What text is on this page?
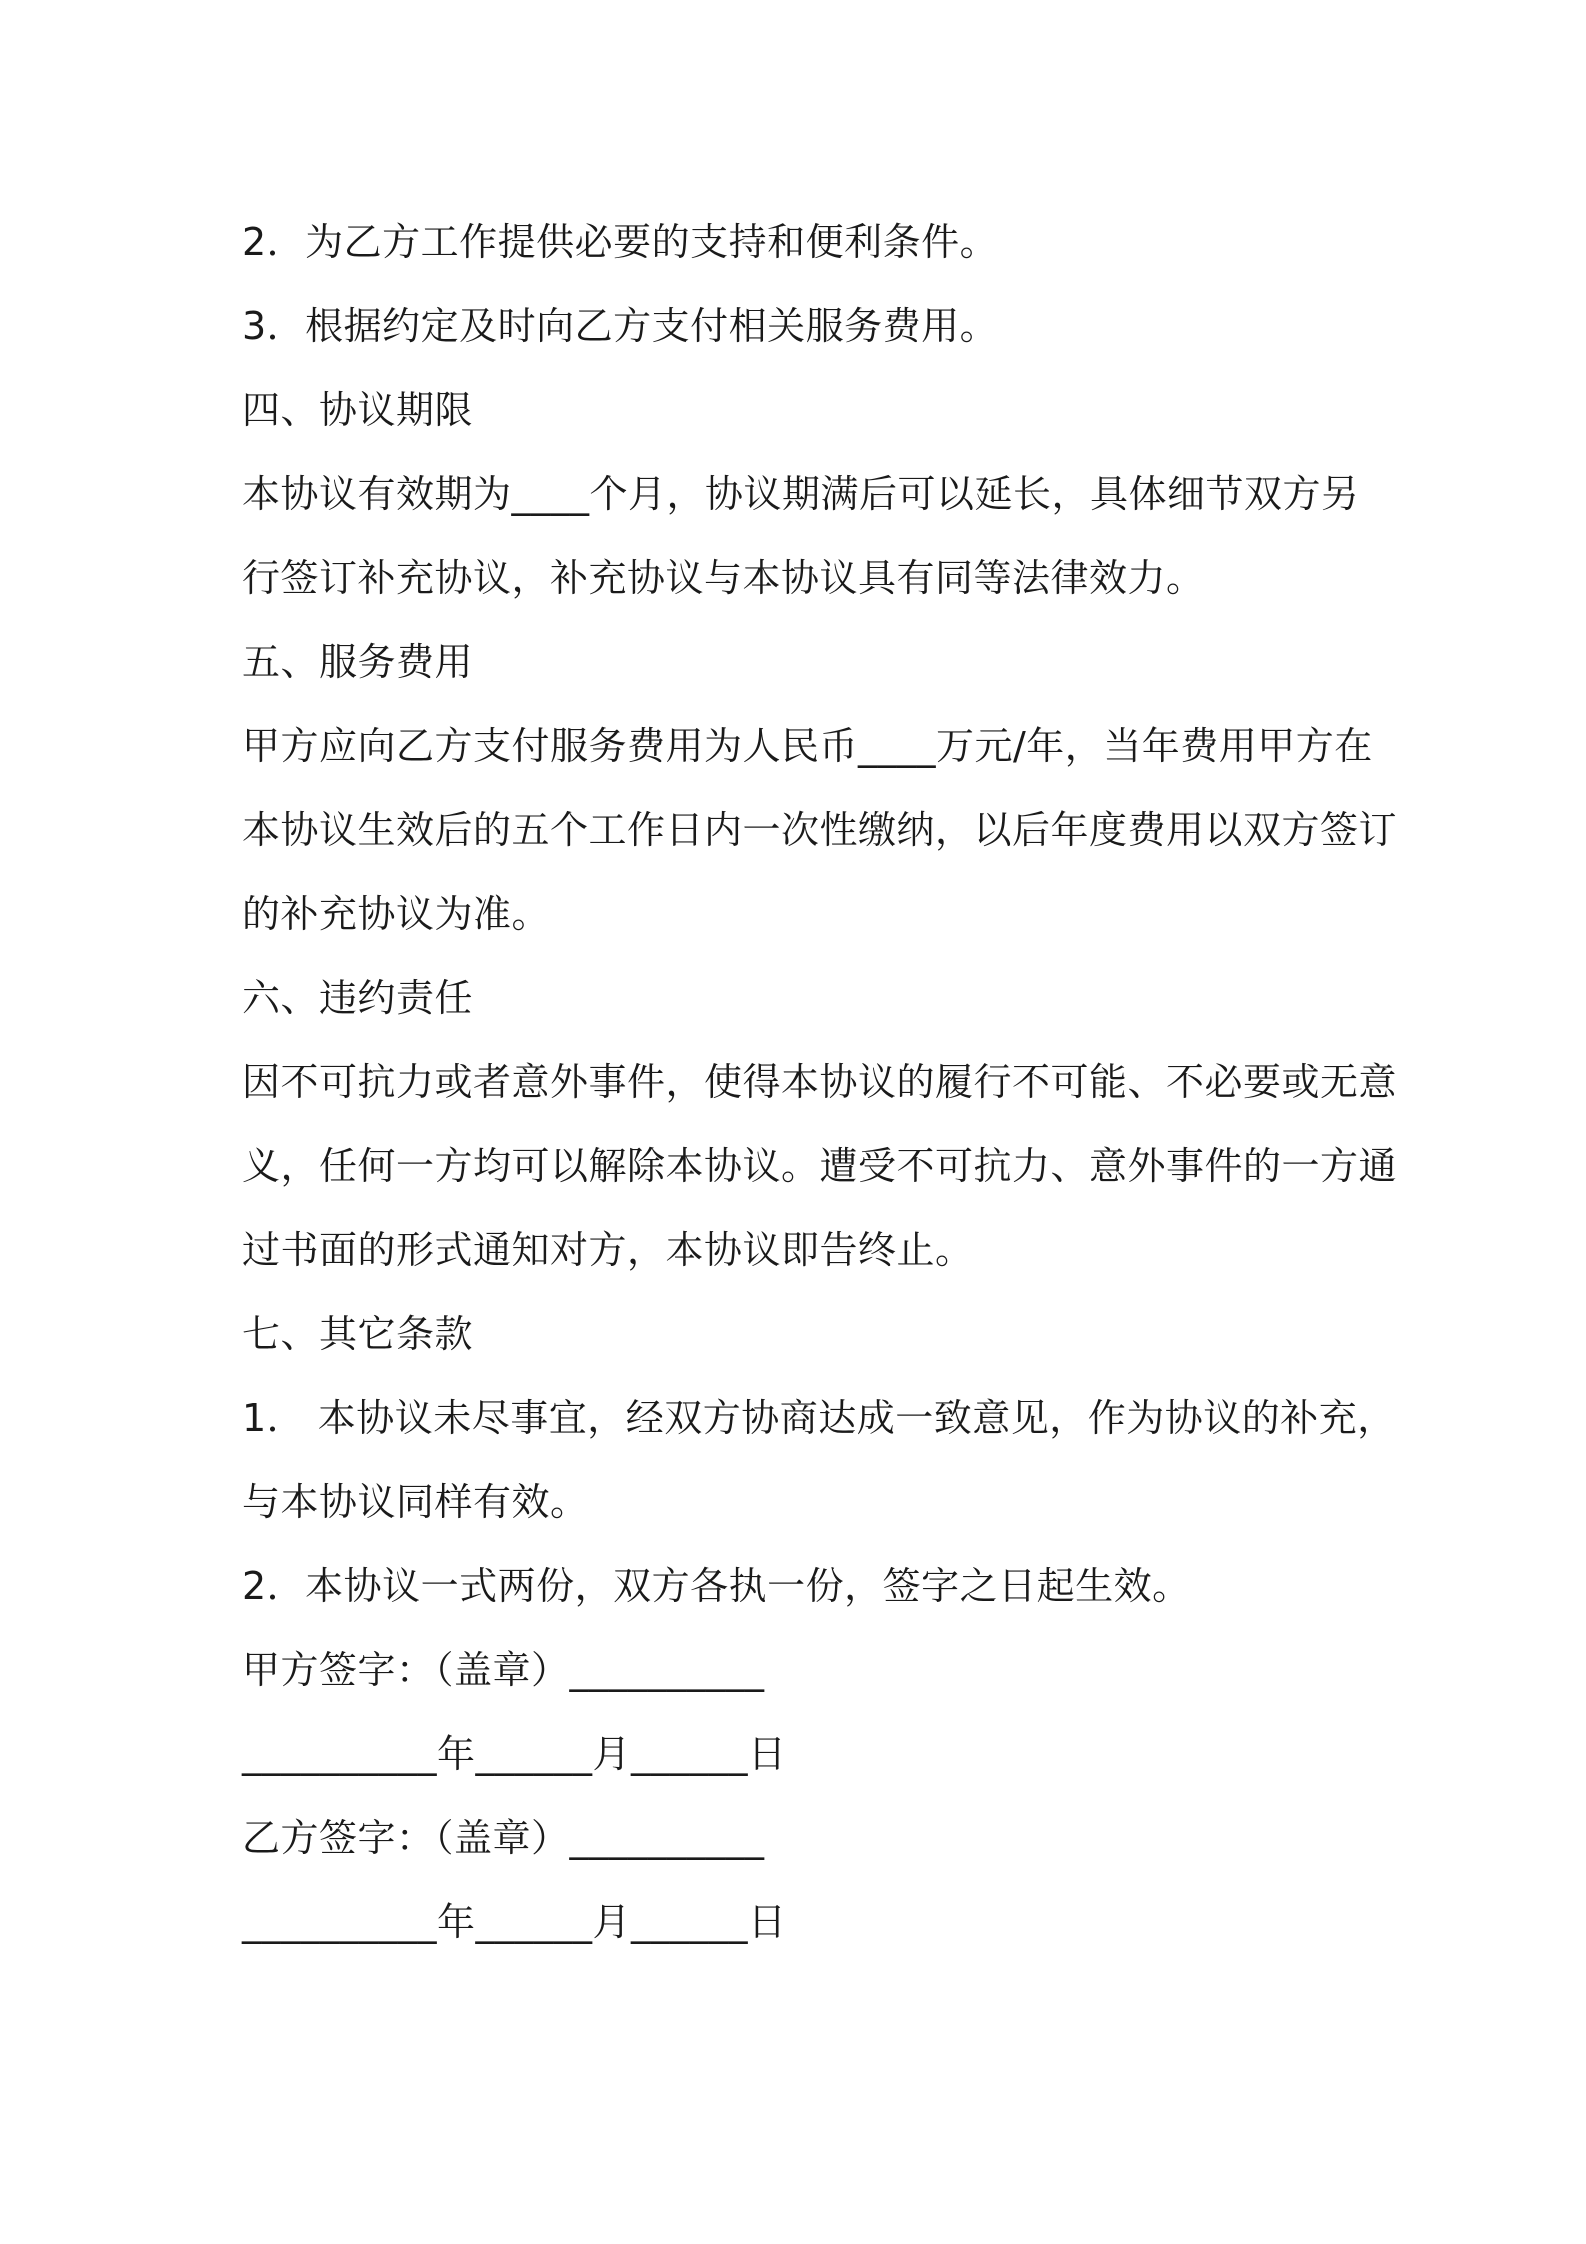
2．为乙方工作提供必要的支持和便利条件。
3．根据约定及时向乙方支付相关服务费用。
四、协议期限
本协议有效期为____个月，协议期满后可以延长，具体细节双方另
行签订补充协议，补充协议与本协议具有同等法律效力。
五、服务费用
甲方应向乙方支付服务费用为人民币____万元/年，当年费用甲方在
本协议生效后的五个工作日内一次性缴纳，以后年度费用以双方签订
的补充协议为准。
六、违约责任
因不可抗力或者意外事件，使得本协议的履行不可能、不必要或无意
义，任何一方均可以解除本协议。遭受不可抗力、意外事件的一方通
过书面的形式通知对方，本协议即告终止。
七、其它条款
1． 本协议未尽事宜，经双方协商达成一致意见，作为协议的补充，
与本协议同样有效。
2．本协议一式两份，双方各执一份，签字之日起生效。
甲方签字：（盖章）__________
__________年______月______日
乙方签字：（盖章）__________
__________年______月______日
